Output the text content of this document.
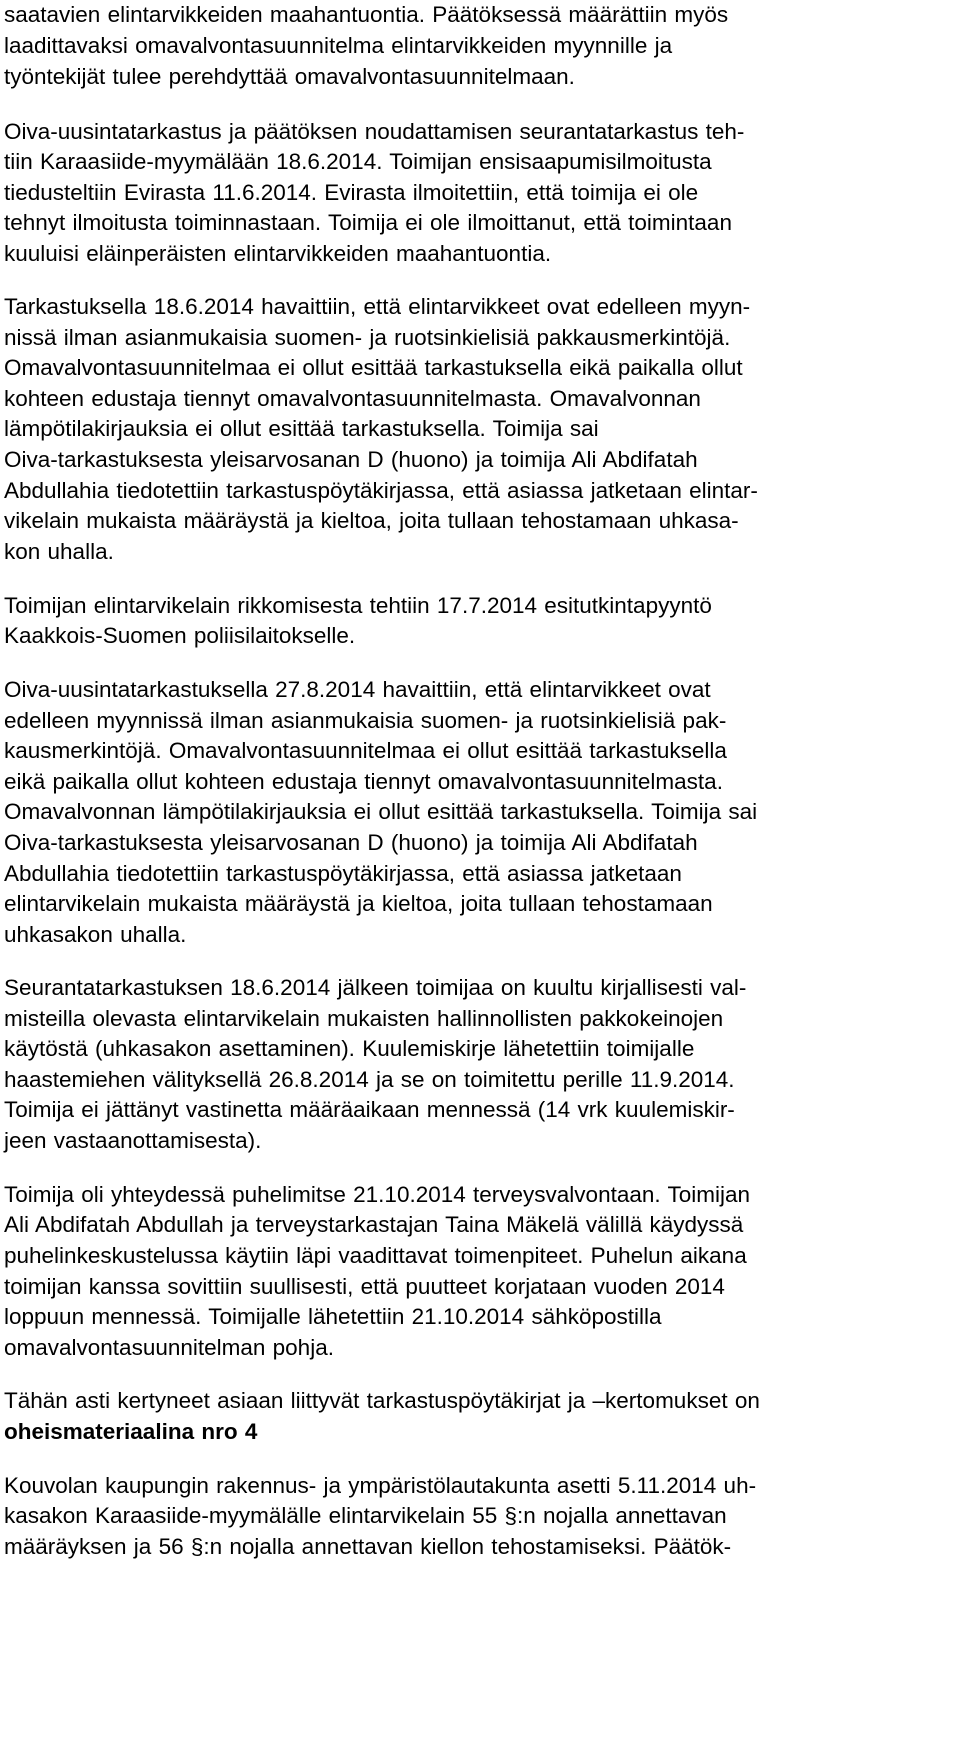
saatavien elintarvikkeiden maahantuontia. Päätöksessä määrättiin myös
laadittavaksi omavalvontasuunnitelma elintarvikkeiden myynnille ja
työntekijät tulee perehdyttää omavalvontasuunnitelmaan.
Oiva-uusintatarkastus ja päätöksen noudattamisen seurantatarkastus teh-
tiin Karaasiide-myymälään 18.6.2014. Toimijan ensisaapumisilmoitusta
tiedusteltiin Evirasta 11.6.2014. Evirasta ilmoitettiin, että toimija ei ole
tehnyt ilmoitusta toiminnastaan. Toimija ei ole ilmoittanut, että toimintaan
kuuluisi eläinperäisten elintarvikkeiden maahantuontia.
Tarkastuksella 18.6.2014 havaittiin, että elintarvikkeet ovat edelleen myyn-
nissä ilman asianmukaisia suomen- ja ruotsinkielisiä pakkausmerkintöjä.
Omavalvontasuunnitelmaa ei ollut esittää tarkastuksella eikä paikalla ollut
kohteen edustaja tiennyt omavalvontasuunnitelmasta. Omavalvonnan
lämpötilakirjauksia ei ollut esittää tarkastuksella. Toimija sai
Oiva-tarkastuksesta yleisarvosanan D (huono) ja toimija Ali Abdifatah
Abdullahia tiedotettiin tarkastuspöytäkirjassa, että asiassa jatketaan elintar-
vikelain mukaista määräystä ja kieltoa, joita tullaan tehostamaan uhkasa-
kon uhalla.
Toimijan elintarvikelain rikkomisesta tehtiin 17.7.2014 esitutkintapyyntö
Kaakkois-Suomen poliisilaitokselle.
Oiva-uusintatarkastuksella 27.8.2014 havaittiin, että elintarvikkeet ovat
edelleen myynnissä ilman asianmukaisia suomen- ja ruotsinkielisiä pak-
kausmerkintöjä. Omavalvontasuunnitelmaa ei ollut esittää tarkastuksella
eikä paikalla ollut kohteen edustaja tiennyt omavalvontasuunnitelmasta.
Omavalvonnan lämpötilakirjauksia ei ollut esittää tarkastuksella. Toimija sai
Oiva-tarkastuksesta yleisarvosanan D (huono) ja toimija Ali Abdifatah
Abdullahia tiedotettiin tarkastuspöytäkirjassa, että asiassa jatketaan
elintarvikelain mukaista määräystä ja kieltoa, joita tullaan tehostamaan
uhkasakon uhalla.
Seurantatarkastuksen 18.6.2014 jälkeen toimijaa on kuultu kirjallisesti val-
misteilla olevasta elintarvikelain mukaisten hallinnollisten pakkokeinojen
käytöstä (uhkasakon asettaminen). Kuulemiskirje lähetettiin toimijalle
haastemiehen välityksellä 26.8.2014 ja se on toimitettu perille 11.9.2014.
Toimija ei jättänyt vastinetta määräaikaan mennessä (14 vrk kuulemiskir-
jeen vastaanottamisesta).
Toimija oli yhteydessä puhelimitse 21.10.2014 terveysvalvontaan. Toimijan
Ali Abdifatah Abdullah ja terveystarkastajan Taina Mäkelä välillä käydyssä
puhelinkeskustelussa käytiin läpi vaadittavat toimenpiteet. Puhelun aikana
toimijan kanssa sovittiin suullisesti, että puutteet korjataan vuoden 2014
loppuun mennessä. Toimijalle lähetettiin 21.10.2014 sähköpostilla
omavalvontasuunnitelman pohja.
Tähän asti kertyneet asiaan liittyvät tarkastuspöytäkirjat ja –kertomukset on
oheismateriaalina nro 4
Kouvolan kaupungin rakennus- ja ympäristölautakunta asetti 5.11.2014 uh-
kasakon Karaasiide-myymälälle elintarvikelain 55 §:n nojalla annettavan
määräyksen ja 56 §:n nojalla annettavan kiellon tehostamiseksi. Päätök-
